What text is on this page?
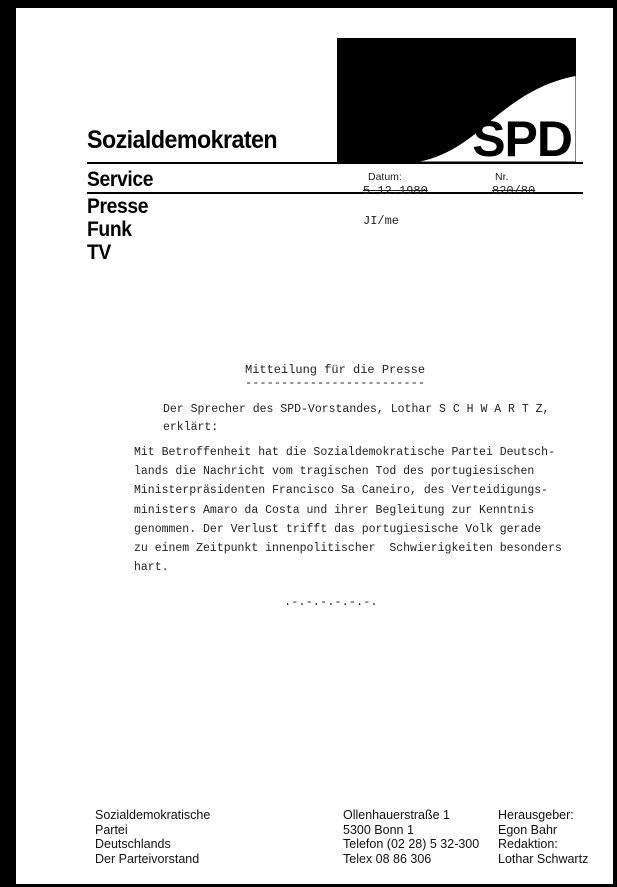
SPD
Sozialdemokraten
Service
Presse
Funk
TV
Datum:
5.12.1980
Nr.
820/80
JI/me
Mitteilung für die Presse
-------------------------
Der Sprecher des SPD-Vorstandes, Lothar S C H W A R T Z,
erklärt:
Mit Betroffenheit hat die Sozialdemokratische Partei Deutsch-
lands die Nachricht vom tragischen Tod des portugiesischen
Ministerpräsidenten Francisco Sa Caneiro, des Verteidigungs-
ministers Amaro da Costa und ihrer Begleitung zur Kenntnis
genommen. Der Verlust trifft das portugiesische Volk gerade
zu einem Zeitpunkt innenpolitischer  Schwierigkeiten besonders
hart.
.-.-.-.-.-.-.
Sozialdemokratische
Partei
Deutschlands
Der Parteivorstand
Ollenhauerstraße 1
5300 Bonn 1
Telefon (02 28) 5 32-300
Telex 08 86 306
Herausgeber:
Egon Bahr
Redaktion:
Lothar Schwartz
